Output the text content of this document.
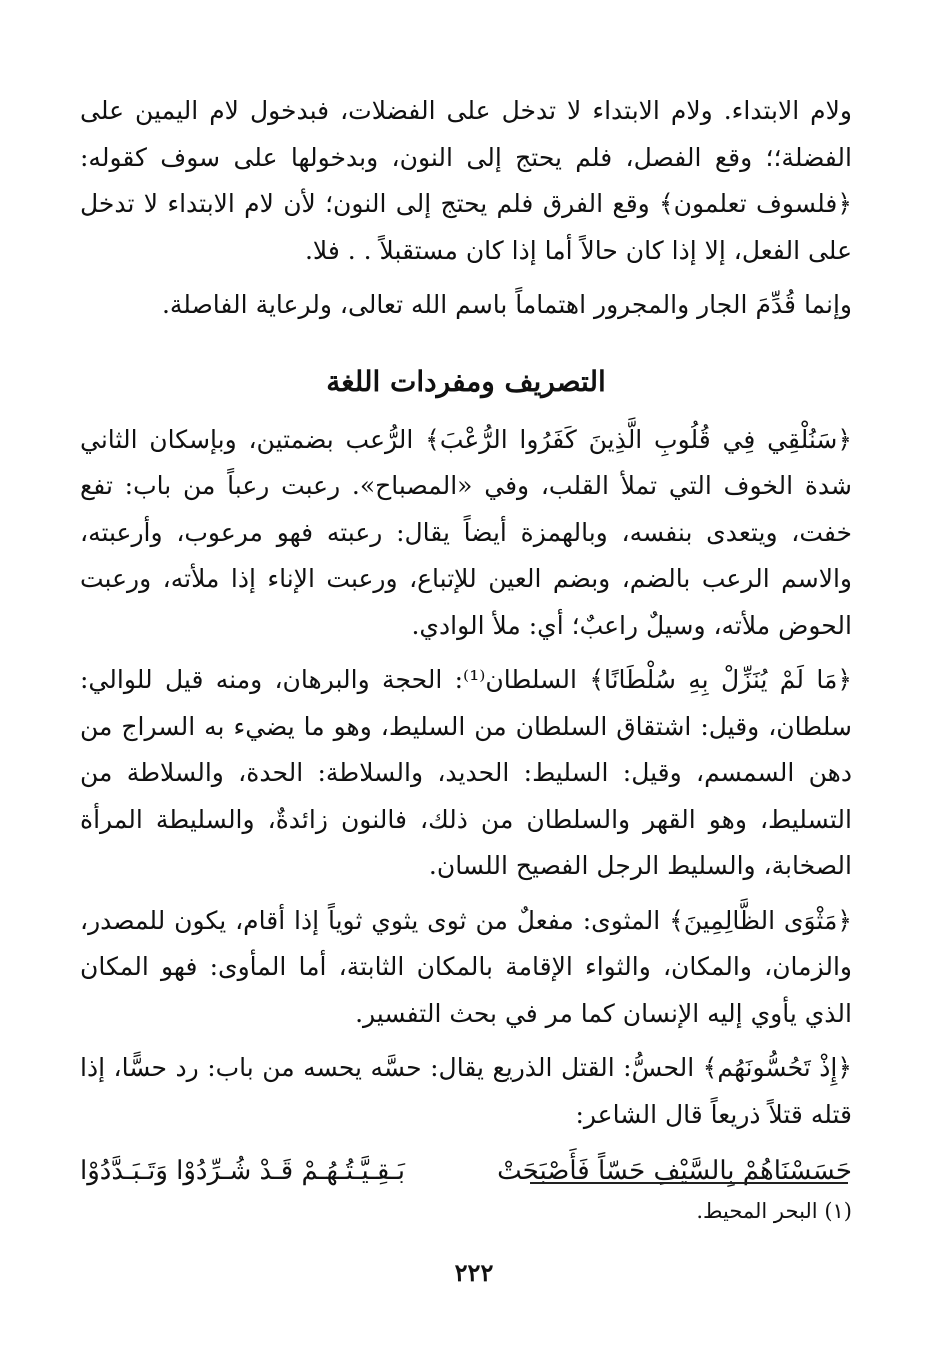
ولام الابتداء. ولام الابتداء لا تدخل على الفضلات، فبدخول لام اليمين على الفضلة؛؛ وقع الفصل، فلم يحتج إلى النون، وبدخولها على سوف كقوله: ﴿فلسوف تعلمون﴾ وقع الفرق فلم يحتج إلى النون؛ لأن لام الابتداء لا تدخل على الفعل، إلا إذا كان حالاً أما إذا كان مستقبلاً . . فلا.

وإنما قُدِّمَ الجار والمجرور اهتماماً باسم الله تعالى، ولرعاية الفاصلة.

التصريف ومفردات اللغة

﴿سَنُلْقِي فِي قُلُوبِ الَّذِينَ كَفَرُوا الرُّعْبَ﴾ الرُّعب بضمتين، وبإسكان الثاني شدة الخوف التي تملأ القلب، وفي «المصباح». رعبت رعباً من باب: تفع خفت، ويتعدى بنفسه، وبالهمزة أيضاً يقال: رعبته فهو مرعوب، وأرعبته، والاسم الرعب بالضم، وبضم العين للإتباع، ورعبت الإناء إذا ملأته، ورعبت الحوض ملأته، وسيلٌ راعبٌ؛ أي: ملأ الوادي.

﴿مَا لَمْ يُنَزِّلْ بِهِ سُلْطَانًا﴾ السلطان⁽¹⁾: الحجة والبرهان، ومنه قيل للوالي: سلطان، وقيل: اشتقاق السلطان من السليط، وهو ما يضيء به السراج من دهن السمسم، وقيل: السليط: الحديد، والسلاطة: الحدة، والسلاطة من التسليط، وهو القهر والسلطان من ذلك، فالنون زائدةٌ، والسليطة المرأة الصخابة، والسليط الرجل الفصيح اللسان.

﴿مَثْوَى الظَّالِمِينَ﴾ المثوى: مفعلٌ من ثوى يثوي ثوياً إذا أقام، يكون للمصدر، والزمان، والمكان، والثواء الإقامة بالمكان الثابتة، أما المأوى: فهو المكان الذي يأوي إليه الإنسان كما مر في بحث التفسير.

﴿إِذْ تَحُسُّونَهُم﴾ الحسُّ: القتل الذريع يقال: حسَّه يحسه من باب: رد حسًّا، إذا قتله قتلاً ذريعاً قال الشاعر:

حَسَسْنَاهُمْ بِالسَّيْفِ حَسّاً فَأَصْبَحَتْ
بَـقِـيَّـتُـهُـمْ قَـدْ شُـرِّدُوْا وَتَـبَـدَّدُوْا
(١) البحر المحيط.
٢٢٢
